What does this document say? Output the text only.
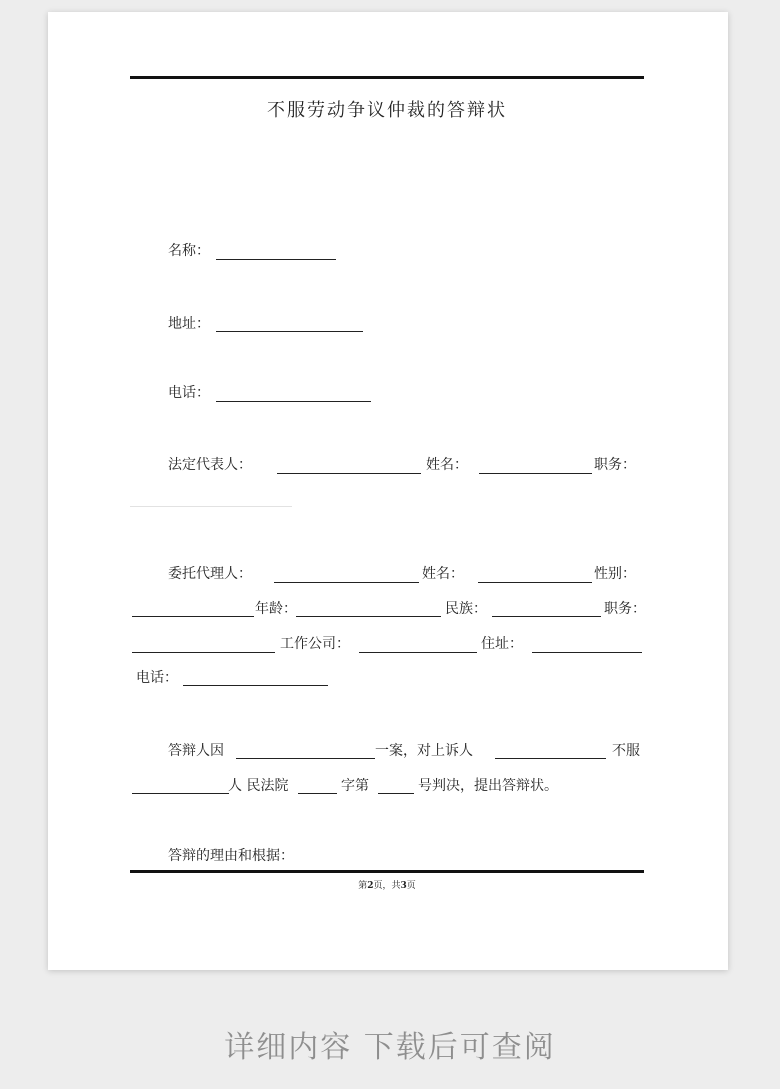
不服劳动争议仲裁的答辩状
名称：
地址：
电话：
法定代表人：	姓名：	职务：
委托代理人：	姓名：	性别：
年龄：	民族：	职务：
工作公司：	住址：
电话：
答辩人因	一案，对上诉人	不服
人 民法院	字第	号判决，提出答辩状。
答辩的理由和根据：
第2页，共3页
详细内容 下载后可查阅
